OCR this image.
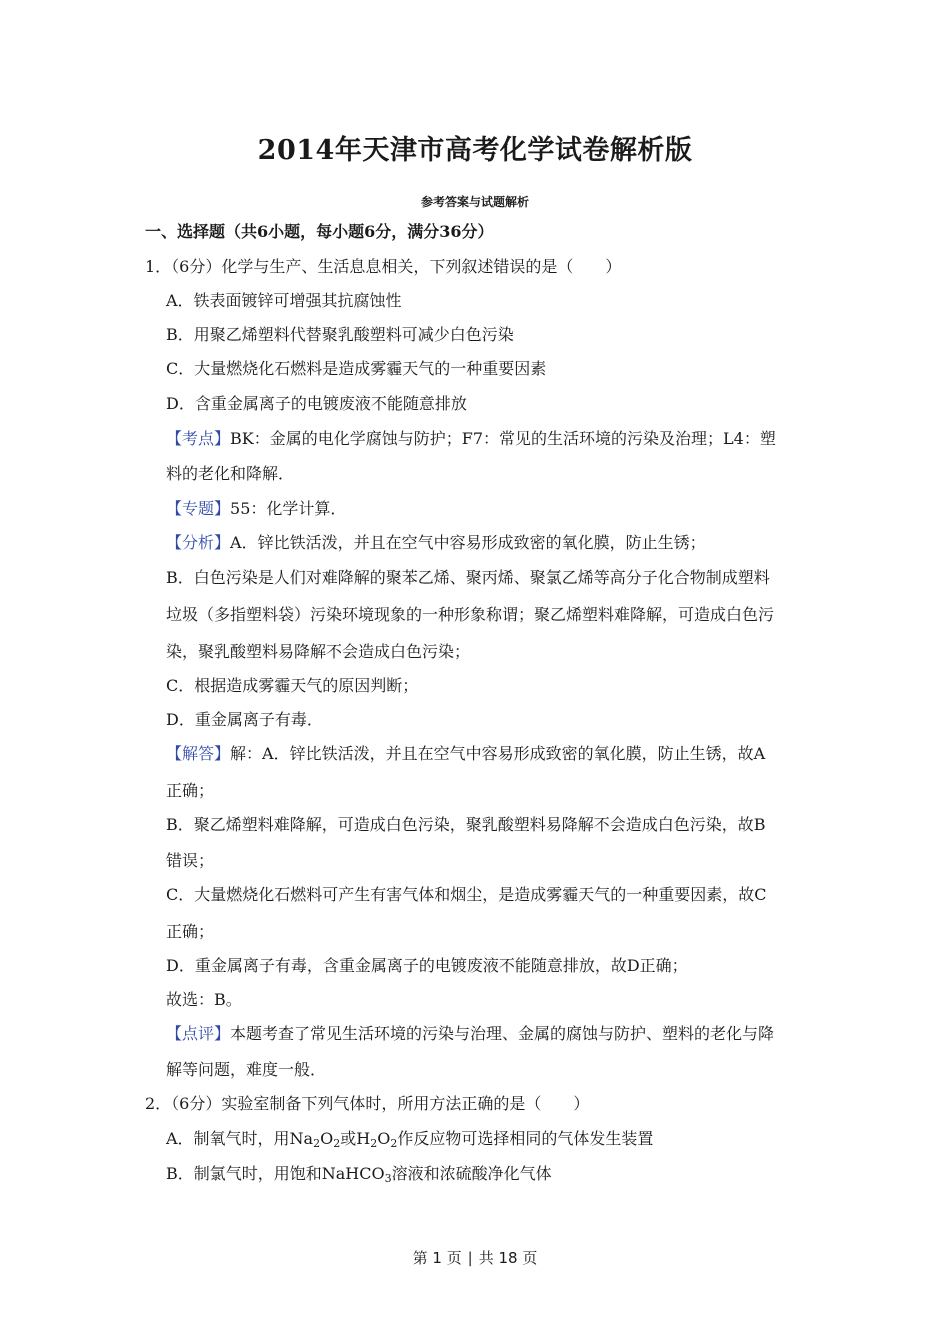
2014年天津市高考化学试卷解析版
参考答案与试题解析
一、选择题（共6小题，每小题6分，满分36分）
1．（6分）化学与生产、生活息息相关，下列叙述错误的是（　　）
A．铁表面镀锌可增强其抗腐蚀性
B．用聚乙烯塑料代替聚乳酸塑料可减少白色污染
C．大量燃烧化石燃料是造成雾霾天气的一种重要因素
D．含重金属离子的电镀废液不能随意排放
【考点】BK：金属的电化学腐蚀与防护；F7：常见的生活环境的污染及治理；L4：塑
料的老化和降解．
【专题】55：化学计算．
【分析】A．锌比铁活泼，并且在空气中容易形成致密的氧化膜，防止生锈；
B．白色污染是人们对难降解的聚苯乙烯、聚丙烯、聚氯乙烯等高分子化合物制成塑料
垃圾（多指塑料袋）污染环境现象的一种形象称谓；聚乙烯塑料难降解，可造成白色污
染，聚乳酸塑料易降解不会造成白色污染；
C．根据造成雾霾天气的原因判断；
D．重金属离子有毒．
【解答】解：A．锌比铁活泼，并且在空气中容易形成致密的氧化膜，防止生锈，故A
正确；
B．聚乙烯塑料难降解，可造成白色污染，聚乳酸塑料易降解不会造成白色污染，故B
错误；
C．大量燃烧化石燃料可产生有害气体和烟尘，是造成雾霾天气的一种重要因素，故C
正确；
D．重金属离子有毒，含重金属离子的电镀废液不能随意排放，故D正确；
故选：B。
【点评】本题考查了常见生活环境的污染与治理、金属的腐蚀与防护、塑料的老化与降
解等问题，难度一般．
2．（6分）实验室制备下列气体时，所用方法正确的是（　　）
A．制氧气时，用$Na_2O_2$或$H_2O_2$作反应物可选择相同的气体发生装置
B．制氯气时，用饱和NaHCO$_3$溶液和浓硫酸净化气体
第 1 页 ∣ 共 18 页
